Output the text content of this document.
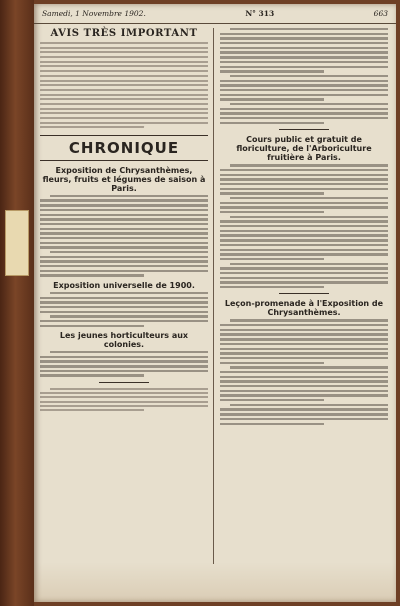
Samedi, 1 Novembre 1902.	N° 313	663
AVIS TRÈS IMPORTANT
CHRONIQUE
Exposition de Chrysanthèmes, fleurs, fruits et légumes de saison à Paris.
Exposition universelle de 1900.
Les jeunes horticulteurs aux colonies.
Cours public et gratuit de floriculture, de l'Arboriculture fruitière à Paris.
Leçon-promenade à l'Exposition de Chrysanthèmes.
